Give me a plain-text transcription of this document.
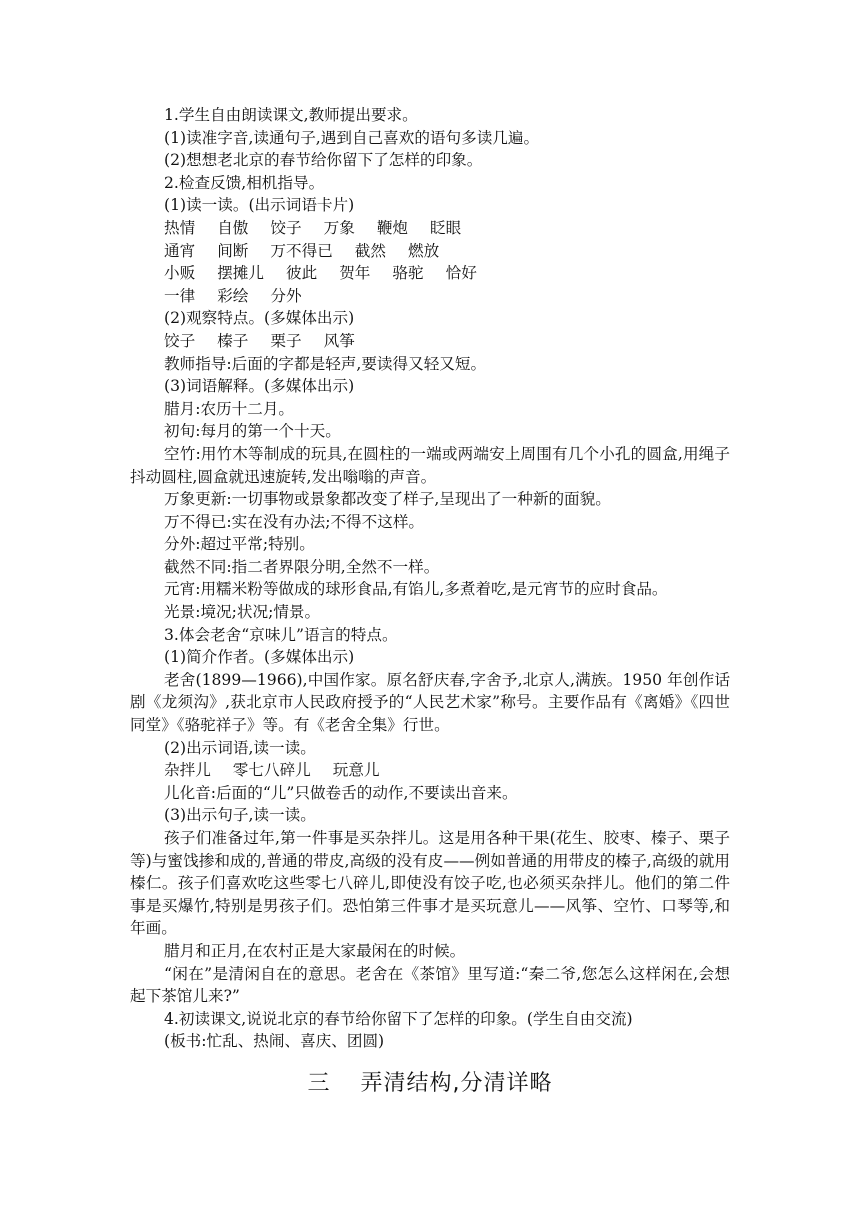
1.学生自由朗读课文,教师提出要求。

(1)读准字音,读通句子,遇到自己喜欢的语句多读几遍。

(2)想想老北京的春节给你留下了怎样的印象。

2.检查反馈,相机指导。

(1)读一读。(出示词语卡片)

热情 自傲 饺子 万象 鞭炮 眨眼

通宵 间断 万不得已 截然 燃放

小贩 摆摊儿 彼此 贺年 骆驼 恰好

一律 彩绘 分外

(2)观察特点。(多媒体出示)

饺子 榛子 栗子 风筝

教师指导:后面的字都是轻声,要读得又轻又短。

(3)词语解释。(多媒体出示)

腊月:农历十二月。

初旬:每月的第一个十天。

空竹:用竹木等制成的玩具,在圆柱的一端或两端安上周围有几个小孔的圆盒,用绳子抖动圆柱,圆盒就迅速旋转,发出嗡嗡的声音。

万象更新:一切事物或景象都改变了样子,呈现出了一种新的面貌。

万不得已:实在没有办法;不得不这样。

分外:超过平常;特别。

截然不同:指二者界限分明,全然不一样。

元宵:用糯米粉等做成的球形食品,有馅儿,多煮着吃,是元宵节的应时食品。

光景:境况;状况;情景。

3.体会老舍“京味儿”语言的特点。

(1)简介作者。(多媒体出示)

老舍(1899—1966),中国作家。原名舒庆春,字舍予,北京人,满族。1950 年创作话剧《龙须沟》,获北京市人民政府授予的“人民艺术家”称号。主要作品有《离婚》《四世同堂》《骆驼祥子》等。有《老舍全集》行世。

(2)出示词语,读一读。

杂拌儿 零七八碎儿 玩意儿

儿化音:后面的“儿”只做卷舌的动作,不要读出音来。

(3)出示句子,读一读。

孩子们准备过年,第一件事是买杂拌儿。这是用各种干果(花生、胶枣、榛子、栗子等)与蜜饯掺和成的,普通的带皮,高级的没有皮——例如普通的用带皮的榛子,高级的就用榛仁。孩子们喜欢吃这些零七八碎儿,即使没有饺子吃,也必须买杂拌儿。他们的第二件事是买爆竹,特别是男孩子们。恐怕第三件事才是买玩意儿——风筝、空竹、口琴等,和年画。

腊月和正月,在农村正是大家最闲在的时候。

“闲在”是清闲自在的意思。老舍在《茶馆》里写道:“秦二爷,您怎么这样闲在,会想起下茶馆儿来?”

4.初读课文,说说北京的春节给你留下了怎样的印象。(学生自由交流)

(板书:忙乱、热闹、喜庆、团圆)

三 弄清结构,分清详略
